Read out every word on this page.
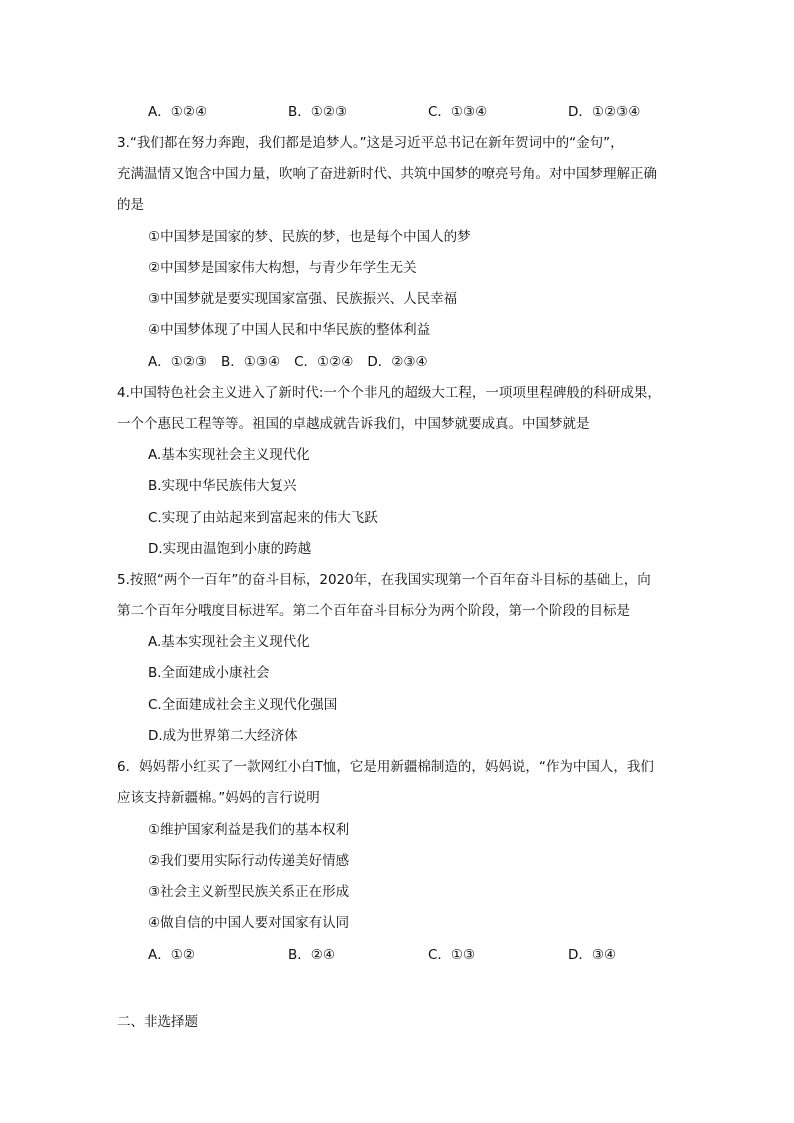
A．①②④	B．①②③	C．①③④	D．①②③④
3.“我们都在努力奔跑，我们都是追梦人。”这是习近平总书记在新年贺词中的“金句”，
充满温情又饱含中国力量，吹响了奋进新时代、共筑中国梦的嘹亮号角。对中国梦理解正确
的是
①中国梦是国家的梦、民族的梦，也是每个中国人的梦
②中国梦是国家伟大构想，与青少年学生无关
③中国梦就是要实现国家富强、民族振兴、人民幸福
④中国梦体现了中国人民和中华民族的整体利益
A．①②③ B．①③④ C．①②④ D．②③④
4.中国特色社会主义进入了新时代:一个个非凡的超级大工程，一项项里程碑般的科研成果，
一个个惠民工程等等。祖国的卓越成就告诉我们，中国梦就要成真。中国梦就是
A.基本实现社会主义现代化
B.实现中华民族伟大复兴
C.实现了由站起来到富起来的伟大飞跃
D.实现由温饱到小康的跨越
5.按照“两个一百年”的奋斗目标，2020年，在我国实现第一个百年奋斗目标的基础上，向
第二个百年分哦度目标进军。第二个百年奋斗目标分为两个阶段，第一个阶段的目标是
A.基本实现社会主义现代化
B.全面建成小康社会
C.全面建成社会主义现代化强国
D.成为世界第二大经济体
6．妈妈帮小红买了一款网红小白T恤，它是用新疆棉制造的，妈妈说，“作为中国人，我们
应该支持新疆棉。”妈妈的言行说明
①维护国家利益是我们的基本权利
②我们要用实际行动传递美好情感
③社会主义新型民族关系正在形成
④做自信的中国人要对国家有认同
A．①②	B．②④	C．①③	D．③④
二、非选择题
